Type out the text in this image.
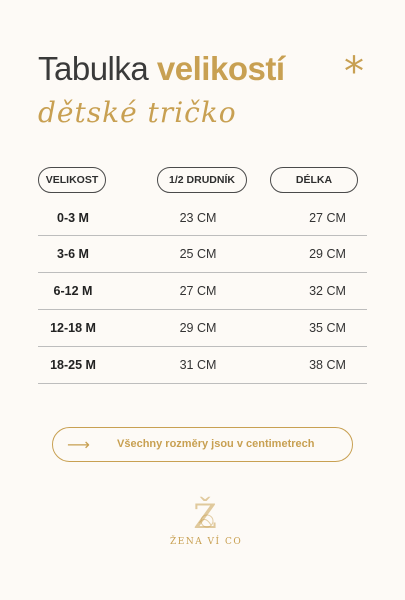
Tabulka velikostí *
dětské tričko
VELIKOST	1/2 DRUDNÍK	DÉLKA
0-3 M	23 CM	27 CM
3-6 M	25 CM	29 CM
6-12 M	27 CM	32 CM
12-18 M	29 CM	35 CM
18-25 M	31 CM	38 CM
⟶ Všechny rozměry jsou v centimetrech
Ž
ŽENA VÍ CO
